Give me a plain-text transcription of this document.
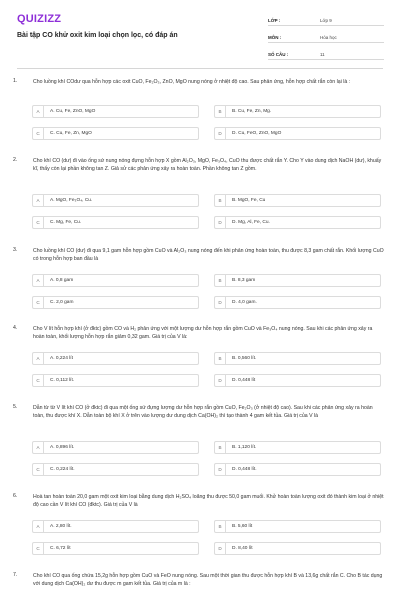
QUIZIZZ
Bài tập CO khử oxit kim loại chọn lọc, có đáp án
LỚP :	Lớp 9
MÔN :	Hóa học
SỐ CÂU :	11
1.	Cho luồng khí COdư qua hỗn hợp các oxit CuO, Fe₂O₃, ZnO, MgO nung nóng ở nhiệt độ cao. Sau phản ứng, hỗn hợp chất rắn còn lại là :
A	A. Cu, Fe, ZnO, MgO	B	B. Cu, Fe, Zn, Mg.
C	C. Cu, Fe, Zn, MgO	D	D. Cu, FeO, ZnO, MgO
2.	Cho khí CO (dư) đi vào ống sứ nung nóng đựng hỗn hợp X gồm Al₂O₃, MgO, Fe₃O₄, CuO thu được chất rắn Y. Cho Y vào dung dịch NaOH (dư), khuấy kĩ, thấy còn lại phần không tan Z. Giả sử các phản ứng xảy ra hoàn toàn. Phần không tan Z gồm.
A	A. MgO, Fe₃O₄, Cu.	B	B. MgO, Fe, Cu
C	C. Mg, Fe, Cu.	D	D. Mg, Al, Fe, Cu.
3.	Cho luồng khí CO (dư) đi qua 9,1 gam hỗn hợp gồm CuO và Al₂O₃ nung nóng đến khi phản ứng hoàn toàn, thu được 8,3 gam chất rắn. Khối lượng CuO có trong hỗn hợp ban đầu là
A	A. 0,8 gam	B	B. 8,3 gam
C	C. 2,0 gam	D	D. 4,0 gam.
4.	Cho V lít hỗn hợp khí (ở đktc) gồm CO và H₂ phản ứng với một lượng dư hỗn hợp rắn gồm CuO và Fe₃O₄ nung nóng. Sau khi các phản ứng xảy ra hoàn toàn, khối lượng hỗn hợp rắn giảm 0,32 gam. Giá trị của V là:
A	A. 0,224 lít	B	B. 0,560 lít.
C	C. 0,112 lít.	D	D. 0,448 lít
5.	Dẫn từ từ V lít khí CO (ở đktc) đi qua một ống sứ đựng lượng dư hỗn hợp rắn gồm CuO, Fe₂O₃ (ở nhiệt độ cao). Sau khi các phản ứng xảy ra hoàn toàn, thu được khí X. Dẫn toàn bộ khí X ở trên vào lượng dư dung dịch Ca(OH)₂ thì tạo thành 4 gam kết tủa. Giá trị của V là
A	A. 0,896 lít.	B	B. 1,120 lít.
C	C. 0,224 lít.	D	D. 0,448 lít.
6.	Hoà tan hoàn toàn 20,0 gam một oxit kim loại bằng dung dịch H₂SO₄ loãng thu được 50,0 gam muối. Khử hoàn toàn lượng oxit đó thành kim loại ở nhiệt độ cao cần V lít khí CO (đktc). Giá trị của V là
A	A. 2,80 lít.	B	B. 5,60 lít
C	C. 6,72 lít	D	D. 8,40 lít
7.	Cho khí CO qua ống chứa 15,2g hỗn hợp gồm CuO và FeO nung nóng. Sau một thời gian thu được hỗn hợp khí B và 13,6g chất rắn C. Cho B tác dụng với dung dịch Ca(OH)₂ dư thu được m gam kết tủa. Giá trị của m là :
